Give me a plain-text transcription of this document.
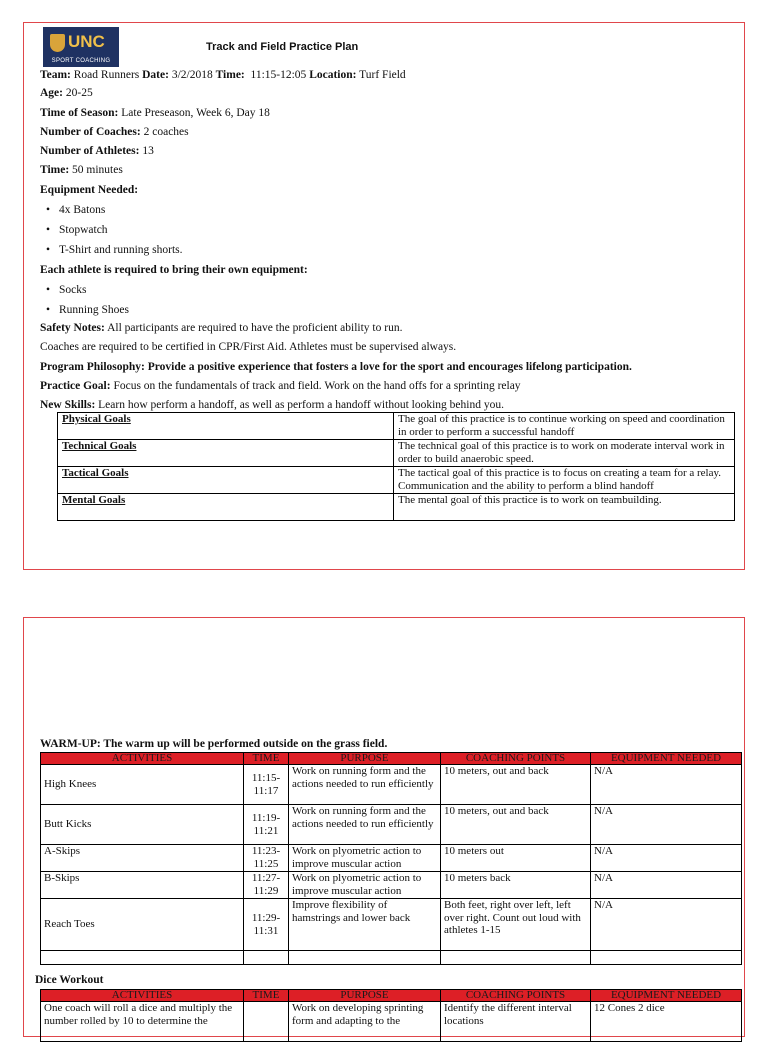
UNC
SPORT COACHING
Track and Field Practice Plan
Team: Road Runners Date: 3/2/2018 Time: 11:15-12:05 Location: Turf Field
Age: 20-25
Time of Season: Late Preseason, Week 6, Day 18
Number of Coaches: 2 coaches
Number of Athletes: 13
Time: 50 minutes
Equipment Needed:
• 4x Batons
• Stopwatch
• T-Shirt and running shorts.
Each athlete is required to bring their own equipment:
• Socks
• Running Shoes
Safety Notes: All participants are required to have the proficient ability to run.
Coaches are required to be certified in CPR/First Aid. Athletes must be supervised always.
Program Philosophy: Provide a positive experience that fosters a love for the sport and encourages lifelong participation.
Practice Goal: Focus on the fundamentals of track and field. Work on the hand offs for a sprinting relay
New Skills: Learn how perform a handoff, as well as perform a handoff without looking behind you.
Physical Goals	The goal of this practice is to continue working on speed and coordination in order to perform a successful handoff
Technical Goals	The technical goal of this practice is to work on moderate interval work in order to build anaerobic speed.
Tactical Goals	The tactical goal of this practice is to focus on creating a team for a relay. Communication and the ability to perform a blind handoff
Mental Goals	The mental goal of this practice is to work on teambuilding.
WARM-UP: The warm up will be performed outside on the grass field.
ACTIVITIES	TIME	PURPOSE	COACHING POINTS	EQUIPMENT NEEDED
High Knees	11:15-11:17	Work on running form and the actions needed to run efficiently	10 meters, out and back	N/A
Butt Kicks	11:19-11:21	Work on running form and the actions needed to run efficiently	10 meters, out and back	N/A
A-Skips	11:23-11:25	Work on plyometric action to improve muscular action	10 meters out	N/A
B-Skips	11:27-11:29	Work on plyometric action to improve muscular action	10 meters back	N/A
Reach Toes	11:29-11:31	Improve flexibility of hamstrings and lower back	Both feet, right over left, left over right. Count out loud with athletes 1-15	N/A

Dice Workout
ACTIVITIES	TIME	PURPOSE	COACHING POINTS	EQUIPMENT NEEDED
One coach will roll a dice and multiply the number rolled by 10 to determine the		Work on developing sprinting form and adapting to the	Identify the different interval locations	12 Cones 2 dice
